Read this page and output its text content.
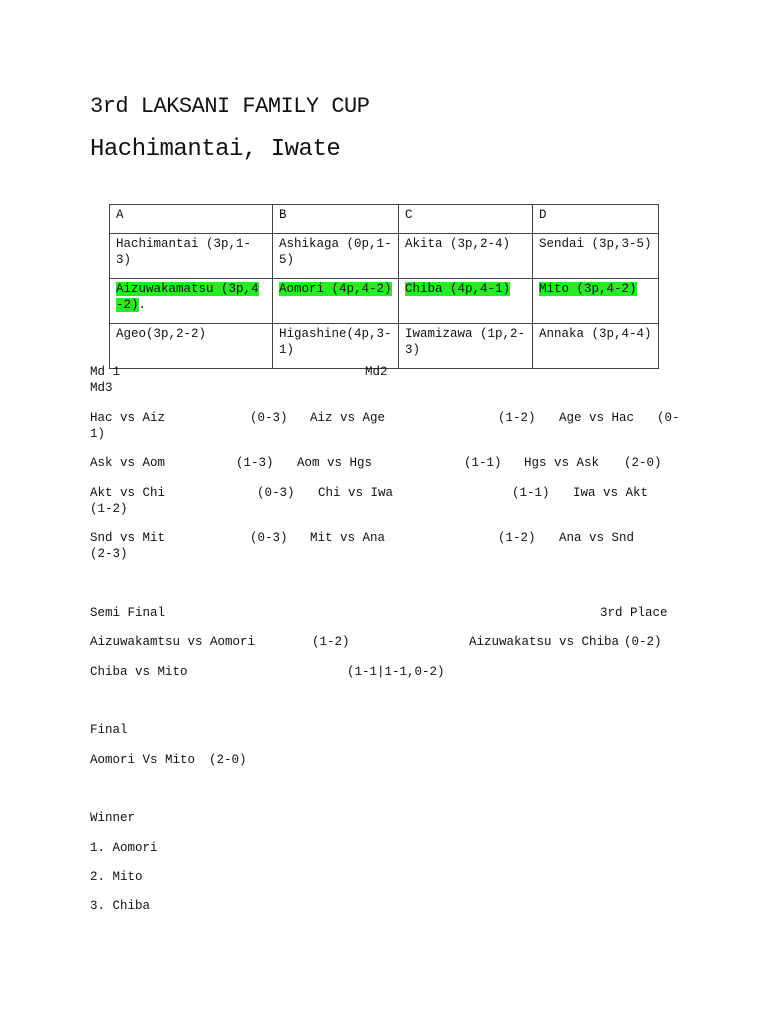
3rd LAKSANI FAMILY CUP
Hachimantai, Iwate
A	B	C	D
Hachimantai (3p,1-3)	Ashikaga (0p,1-5)	Akita (3p,2-4)	Sendai (3p,3-5)
Aizuwakamatsu (3p,4-2).	Aomori (4p,4-2)	Chiba (4p,4-1)	Mito (3p,4-2)
Ageo(3p,2-2)	Higashine(4p,3-1)	Iwamizawa (1p,2-3)	Annaka (3p,4-4)
Md 1	Md2
Md3
Hac vs Aiz	(0-3) Aiz vs Age	(1-2) Age vs Hac (0-
1)
Ask vs Aom	(1-3) Aom vs Hgs	(1-1) Hgs vs Ask (2-0)
Akt vs Chi	(0-3) Chi vs Iwa	(1-1) Iwa vs Akt
(1-2)
Snd vs Mit	(0-3) Mit vs Ana	(1-2) Ana vs Snd
(2-3)
Semi Final	3rd Place
Aizuwakamtsu vs Aomori	(1-2)	Aizuwakatsu vs Chiba (0-2)
Chiba vs Mito	(1-1|1-1,0-2)
Final
Aomori Vs Mito (2-0)
Winner
1. Aomori
2. Mito
3. Chiba
